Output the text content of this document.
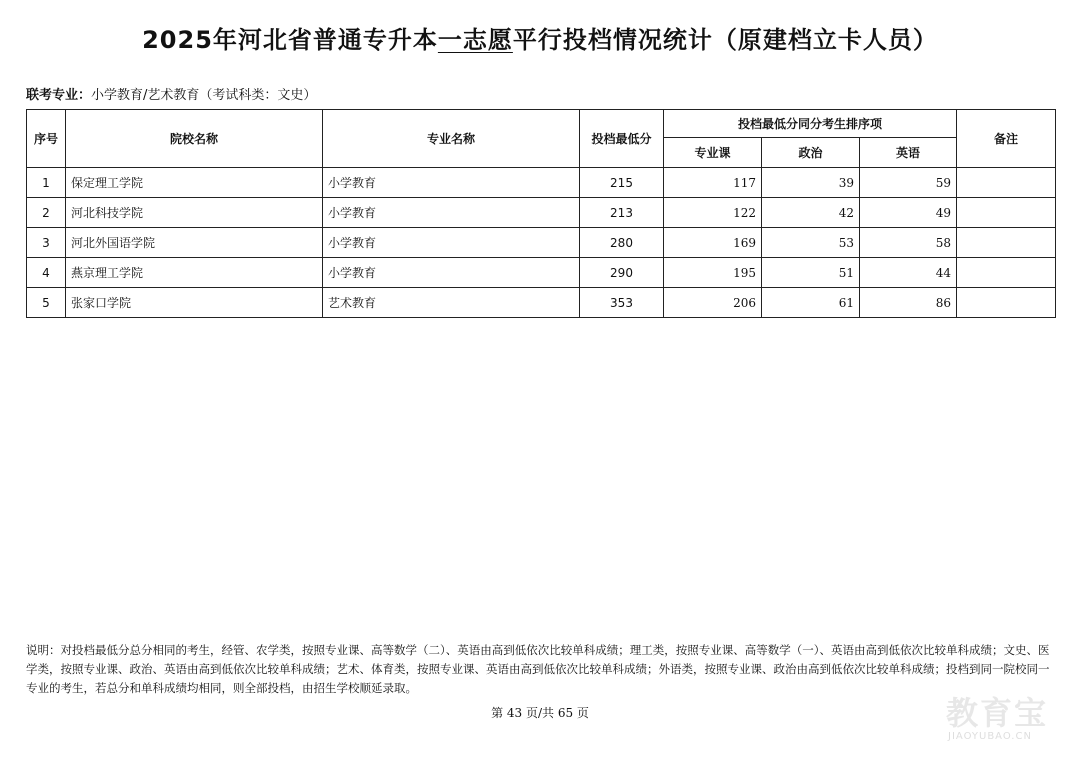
2025年河北省普通专升本一志愿平行投档情况统计（原建档立卡人员）
联考专业：小学教育/艺术教育（考试科类：文史）
序号	院校名称	专业名称	投档最低分	投档最低分同分考生排序项			备注
				专业课	政治	英语	
1	保定理工学院	小学教育	215	117	39	59	
2	河北科技学院	小学教育	213	122	42	49	
3	河北外国语学院	小学教育	280	169	53	58	
4	燕京理工学院	小学教育	290	195	51	44	
5	张家口学院	艺术教育	353	206	61	86	
说明：对投档最低分总分相同的考生，经管、农学类，按照专业课、高等数学（二）、英语由高到低依次比较单科成绩；理工类，按照专业课、高等数学（一）、英语由高到低依次比较单科成绩；文史、医学类，按照专业课、政治、英语由高到低依次比较单科成绩；艺术、体育类，按照专业课、英语由高到低依次比较单科成绩；外语类，按照专业课、政治由高到低依次比较单科成绩；投档到同一院校同一专业的考生，若总分和单科成绩均相同，则全部投档，由招生学校顺延录取。
第 43 页/共 65 页	教育宝
JIAOYUBAO.CN
